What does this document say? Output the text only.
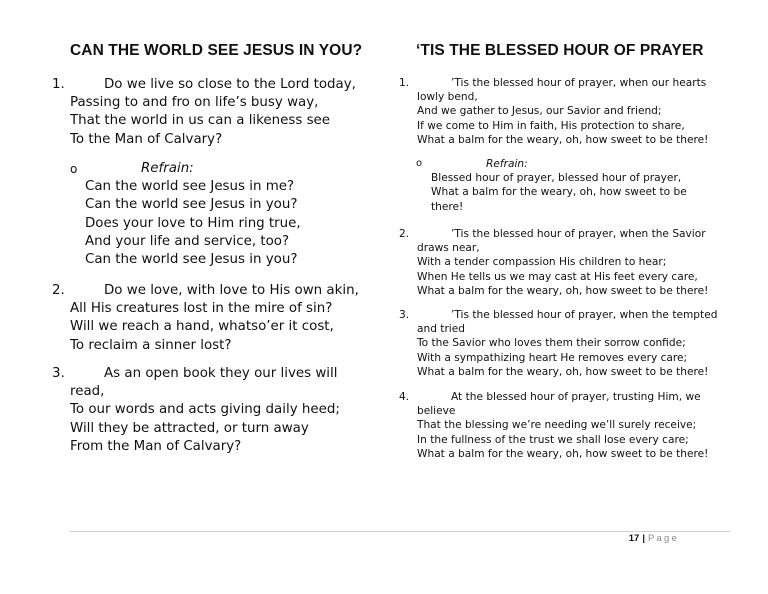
CAN THE WORLD SEE JESUS IN YOU?
1.	Do we live so close to the Lord today,
Passing to and fro on life’s busy way,
That the world in us can a likeness see
To the Man of Calvary?
o	Refrain:
Can the world see Jesus in me?
Can the world see Jesus in you?
Does your love to Him ring true,
And your life and service, too?
Can the world see Jesus in you?
2.	Do we love, with love to His own akin,
All His creatures lost in the mire of sin?
Will we reach a hand, whatso’er it cost,
To reclaim a sinner lost?
3.	As an open book they our lives will
read,
To our words and acts giving daily heed;
Will they be attracted, or turn away
From the Man of Calvary?
‘TIS THE BLESSED HOUR OF PRAYER
1.	’Tis the blessed hour of prayer, when our hearts
lowly bend,
And we gather to Jesus, our Savior and friend;
If we come to Him in faith, His protection to share,
What a balm for the weary, oh, how sweet to be there!
o	Refrain:
Blessed hour of prayer, blessed hour of prayer,
What a balm for the weary, oh, how sweet to be
there!
2.	’Tis the blessed hour of prayer, when the Savior
draws near,
With a tender compassion His children to hear;
When He tells us we may cast at His feet every care,
What a balm for the weary, oh, how sweet to be there!
3.	’Tis the blessed hour of prayer, when the tempted
and tried
To the Savior who loves them their sorrow confide;
With a sympathizing heart He removes every care;
What a balm for the weary, oh, how sweet to be there!
4.	At the blessed hour of prayer, trusting Him, we
believe
That the blessing we’re needing we’ll surely receive;
In the fullness of the trust we shall lose every care;
What a balm for the weary, oh, how sweet to be there!
17 | Page
